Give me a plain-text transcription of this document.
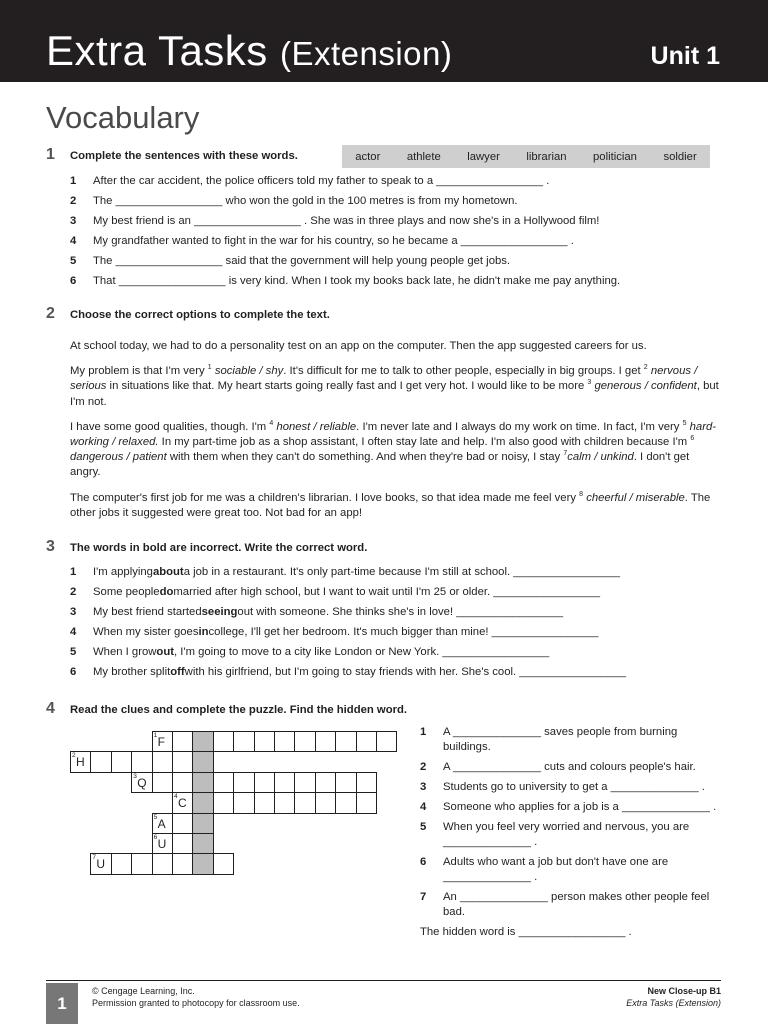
Extra Tasks (Extension)	Unit 1
Vocabulary
1 Complete the sentences with these words.	actor athlete lawyer librarian politician soldier
1	After the car accident, the police officers told my father to speak to a _________________ .
2	The _________________ who won the gold in the 100 metres is from my hometown.
3	My best friend is an _________________ . She was in three plays and now she's in a Hollywood film!
4	My grandfather wanted to fight in the war for his country, so he became a _________________ .
5	The _________________ said that the government will help young people get jobs.
6	That _________________ is very kind. When I took my books back late, he didn't make me pay anything.
2 Choose the correct options to complete the text.

At school today, we had to do a personality test on an app on the computer. Then the app suggested careers for us.

My problem is that I'm very $^1$ sociable / shy. It's difficult for me to talk to other people, especially in big groups. I get $^2$ nervous / serious in situations like that. My heart starts going really fast and I get very hot. I would like to be more $^3$ generous / confident, but I'm not.

I have some good qualities, though. I'm $^4$ honest / reliable. I'm never late and I always do my work on time. In fact, I'm very $^5$ hard-working / relaxed. In my part-time job as a shop assistant, I often stay late and help. I'm also good with children because I'm $^6$ dangerous / patient with them when they can't do something. And when they're bad or noisy, I stay $^7$calm / unkind. I don't get angry.

The computer's first job for me was a children's librarian. I love books, so that idea made me feel very $^8$ cheerful / miserable. The other jobs it suggested were great too. Not bad for an app!

3 The words in bold are incorrect. Write the correct word.
1	I'm applying about a job in a restaurant. It's only part-time because I'm still at school. _________________
2	Some people do married after high school, but I want to wait until I'm 25 or older. _________________
3	My best friend started seeing out with someone. She thinks she's in love! _________________
4	When my sister goes in college, I'll get her bedroom. It's much bigger than mine! _________________
5	When I grow out , I'm going to move to a city like London or New York. _________________
6	My brother split off with his girlfriend, but I'm going to stay friends with her. She's cool. _________________
4 Read the clues and complete the puzzle. Find the hidden word.
1 F
2 H
3 Q
4 C
5 A
6 U
7 U
1	A ______________ saves people from burning buildings.
2	A ______________ cuts and colours people's hair.
3	Students go to university to get a ______________ .
4	Someone who applies for a job is a ______________ .
5	When you feel very worried and nervous, you are ______________ .
6	Adults who want a job but don't have one are ______________ .
7	An ______________ person makes other people feel bad.
The hidden word is _________________ .
1
© Cengage Learning, Inc.
Permission granted to photocopy for classroom use.
New Close-up B1
Extra Tasks (Extension)
